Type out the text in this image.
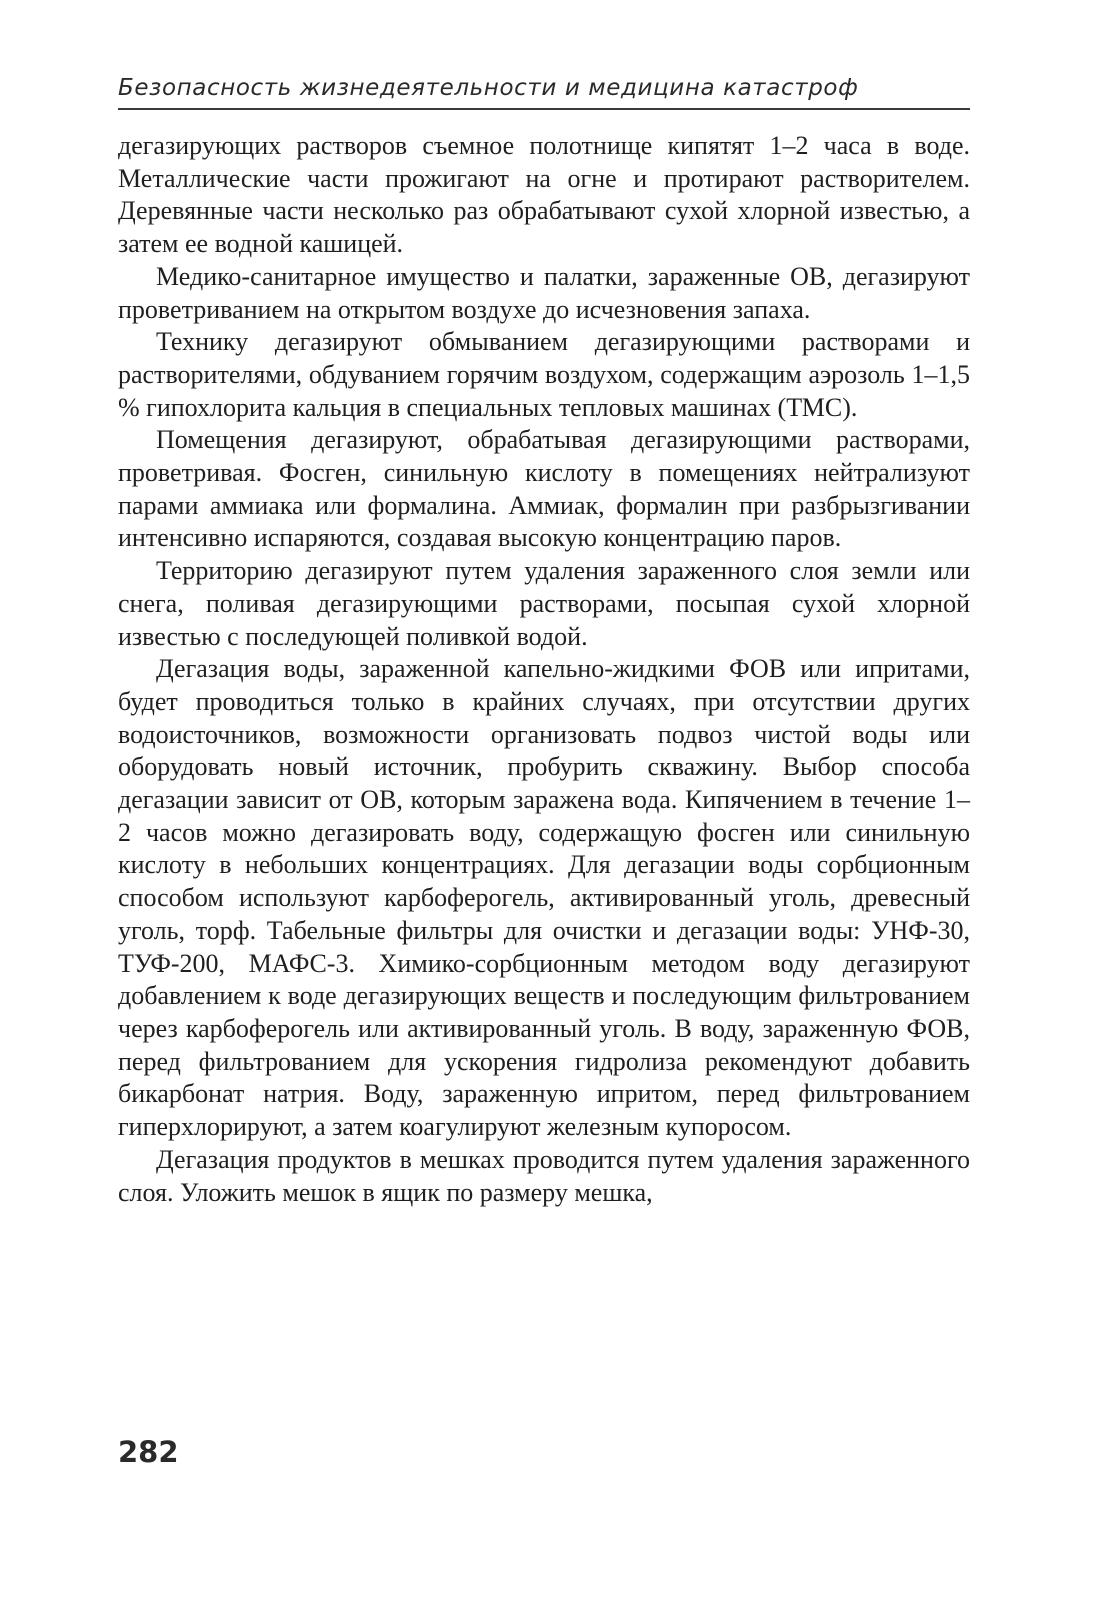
Безопасность жизнедеятельности и медицина катастроф

дегазирующих растворов съемное полотнище кипятят 1–2 часа в воде. Металлические части прожигают на огне и протирают растворителем. Деревянные части несколько раз обрабатывают сухой хлорной известью, а затем ее водной кашицей.

Медико-санитарное имущество и палатки, зараженные ОВ, дегазируют проветриванием на открытом воздухе до исчезновения запаха.

Технику дегазируют обмыванием дегазирующими растворами и растворителями, обдуванием горячим воздухом, содержащим аэрозоль 1–1,5 % гипохлорита кальция в специальных тепловых машинах (ТМС).

Помещения дегазируют, обрабатывая дегазирующими растворами, проветривая. Фосген, синильную кислоту в помещениях нейтрализуют парами аммиака или формалина. Аммиак, формалин при разбрызгивании интенсивно испаряются, создавая высокую концентрацию паров.

Территорию дегазируют путем удаления зараженного слоя земли или снега, поливая дегазирующими растворами, посыпая сухой хлорной известью с последующей поливкой водой.

Дегазация воды, зараженной капельно-жидкими ФОВ или ипритами, будет проводиться только в крайних случаях, при отсутствии других водоисточников, возможности организовать подвоз чистой воды или оборудовать новый источник, пробурить скважину. Выбор способа дегазации зависит от ОВ, которым заражена вода. Кипячением в течение 1–2 часов можно дегазировать воду, содержащую фосген или синильную кислоту в небольших концентрациях. Для дегазации воды сорбционным способом используют карбоферогель, активированный уголь, древесный уголь, торф. Табельные фильтры для очистки и дегазации воды: УНФ-30, ТУФ-200, МАФС-3. Химико-сорбционным методом воду дегазируют добавлением к воде дегазирующих веществ и последующим фильтрованием через карбоферогель или активированный уголь. В воду, зараженную ФОВ, перед фильтрованием для ускорения гидролиза рекомендуют добавить бикарбонат натрия. Воду, зараженную ипритом, перед фильтрованием гиперхлорируют, а затем коагулируют железным купоросом.

Дегазация продуктов в мешках проводится путем удаления зараженного слоя. Уложить мешок в ящик по размеру мешка,

282
